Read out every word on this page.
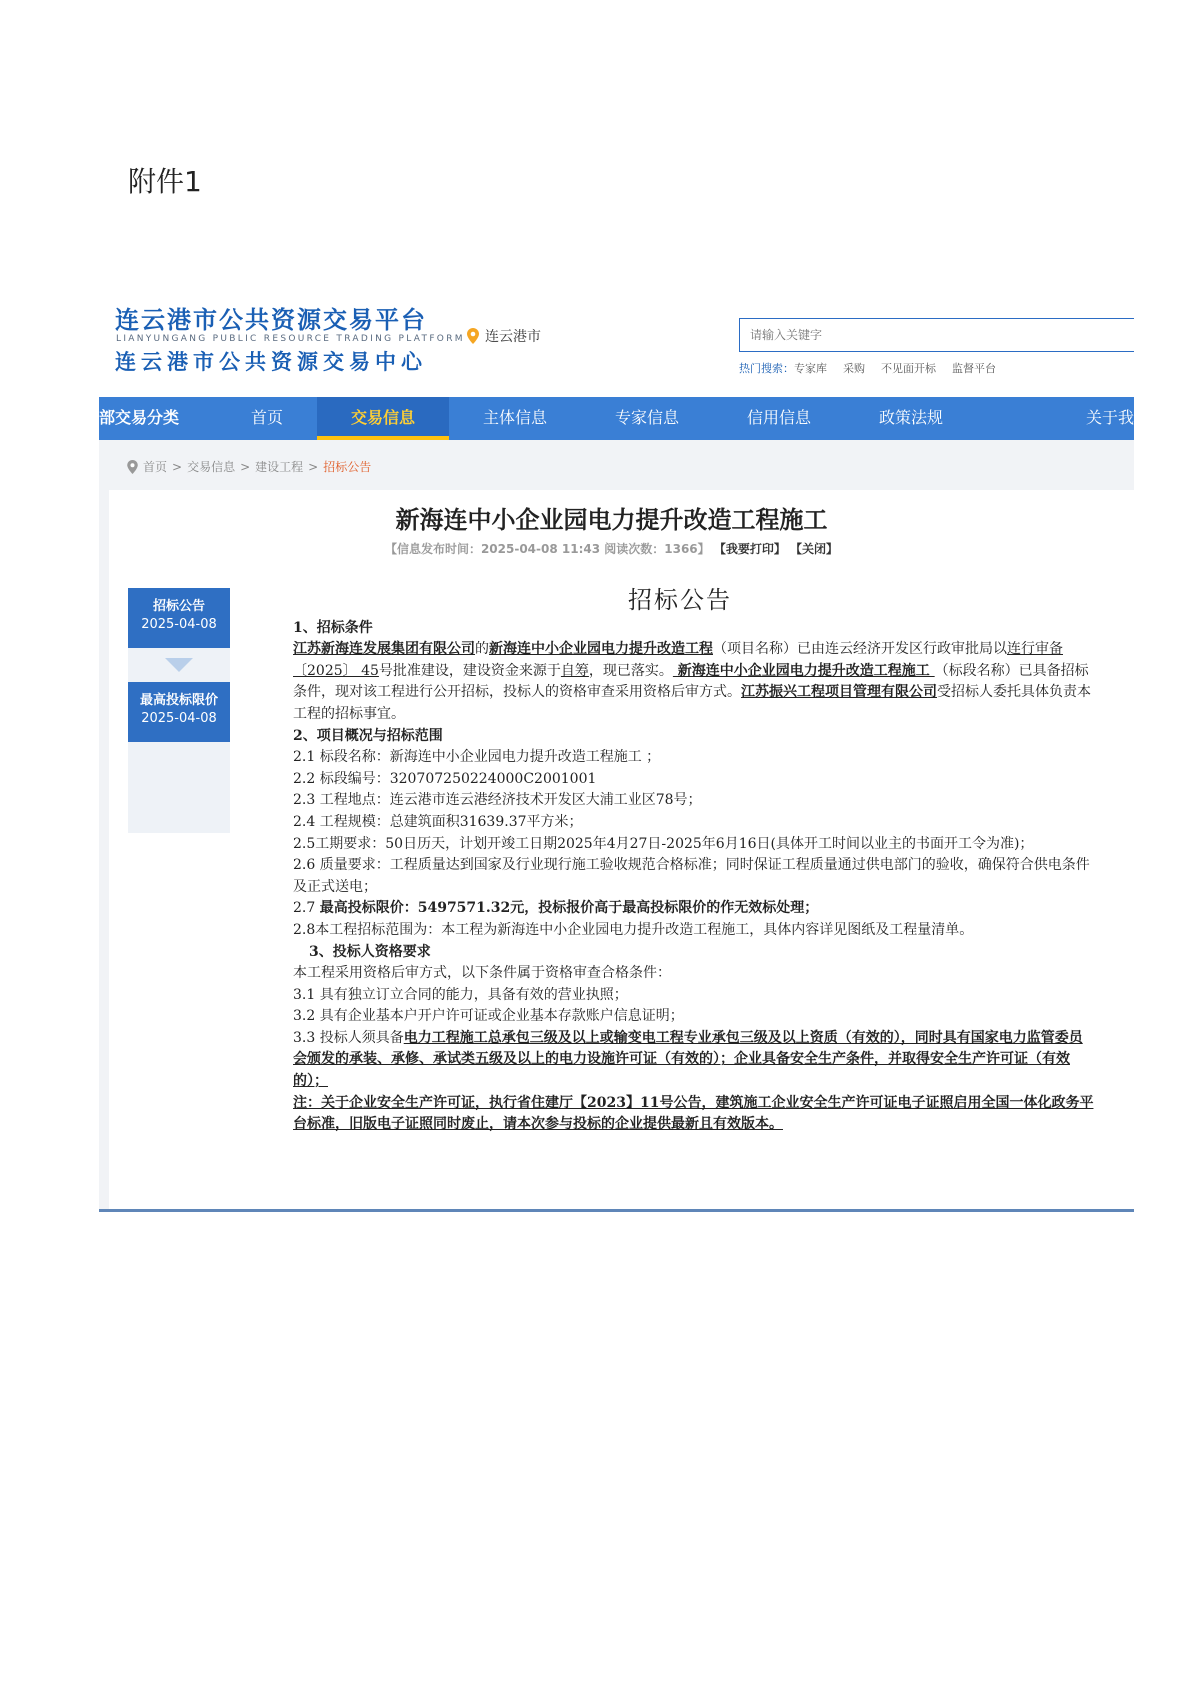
附件1
连云港市公共资源交易平台
LIANYUNGANG PUBLIC RESOURCE TRADING PLATFORM
连云港市公共资源交易中心
连云港市
请输入关键字
热门搜索： 专家库 采购 不见面开标 监督平台
部交易分类	首页	交易信息	主体信息	专家信息	信用信息	政策法规	关于我
首页 > 交易信息 > 建设工程 > 招标公告
新海连中小企业园电力提升改造工程施工
【信息发布时间：2025-04-08 11:43 阅读次数：1366】 【我要打印】 【关闭】
招标公告
2025-04-08
最高投标限价
2025-04-08
招标公告

1、招标条件

江苏新海连发展集团有限公司的新海连中小企业园电力提升改造工程（项目名称）已由连云经济开发区行政审批局以连行审备〔2025〕 45号批准建设，建设资金来源于自筹，现已落实。 新海连中小企业园电力提升改造工程施工 （标段名称）已具备招标条件，现对该工程进行公开招标，投标人的资格审查采用资格后审方式。江苏振兴工程项目管理有限公司受招标人委托具体负责本工程的招标事宜。

2、项目概况与招标范围

2.1 标段名称：新海连中小企业园电力提升改造工程施工 ；

2.2 标段编号：320707250224000C2001001

2.3 工程地点：连云港市连云港经济技术开发区大浦工业区78号；

2.4 工程规模：总建筑面积31639.37平方米；

2.5工期要求：50日历天，计划开竣工日期2025年4月27日-2025年6月16日(具体开工时间以业主的书面开工令为准)；

2.6 质量要求：工程质量达到国家及行业现行施工验收规范合格标准；同时保证工程质量通过供电部门的验收，确保符合供电条件及正式送电；

2.7 最高投标限价：5497571.32元，投标报价高于最高投标限价的作无效标处理；

2.8本工程招标范围为：本工程为新海连中小企业园电力提升改造工程施工，具体内容详见图纸及工程量清单。

3、投标人资格要求

本工程采用资格后审方式，以下条件属于资格审查合格条件：

3.1 具有独立订立合同的能力，具备有效的营业执照；

3.2 具有企业基本户开户许可证或企业基本存款账户信息证明；

3.3 投标人须具备电力工程施工总承包三级及以上或输变电工程专业承包三级及以上资质（有效的），同时具有国家电力监管委员会颁发的承装、承修、承试类五级及以上的电力设施许可证（有效的）；企业具备安全生产条件，并取得安全生产许可证（有效的）；

注：关于企业安全生产许可证，执行省住建厅【2023】11号公告，建筑施工企业安全生产许可证电子证照启用全国一体化政务平台标准，旧版电子证照同时废止，请本次参与投标的企业提供最新且有效版本。
